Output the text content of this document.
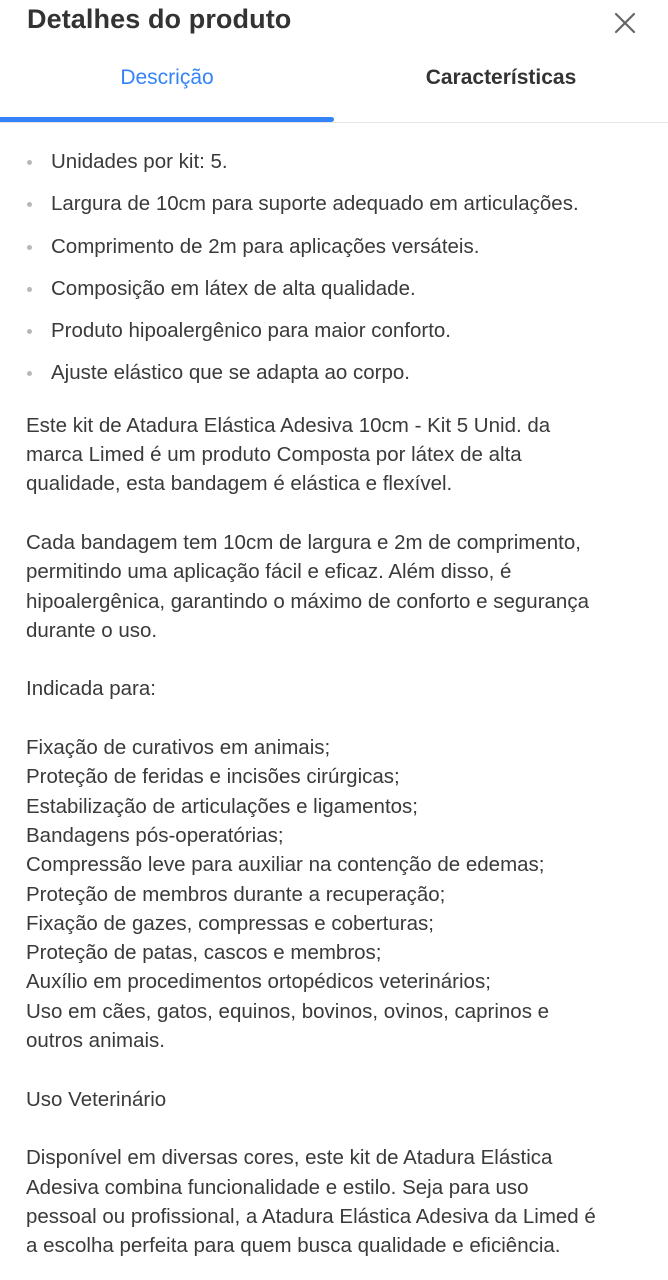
Detalhes do produto
Descrição	Características
Unidades por kit: 5.
Largura de 10cm para suporte adequado em articulações.
Comprimento de 2m para aplicações versáteis.
Composição em látex de alta qualidade.
Produto hipoalergênico para maior conforto.
Ajuste elástico que se adapta ao corpo.

Este kit de Atadura Elástica Adesiva 10cm - Kit 5 Unid. da
marca Limed é um produto Composta por látex de alta
qualidade, esta bandagem é elástica e flexível.

Cada bandagem tem 10cm de largura e 2m de comprimento,
permitindo uma aplicação fácil e eficaz. Além disso, é
hipoalergênica, garantindo o máximo de conforto e segurança
durante o uso.

Indicada para:

Fixação de curativos em animais;
Proteção de feridas e incisões cirúrgicas;
Estabilização de articulações e ligamentos;
Bandagens pós-operatórias;
Compressão leve para auxiliar na contenção de edemas;
Proteção de membros durante a recuperação;
Fixação de gazes, compressas e coberturas;
Proteção de patas, cascos e membros;
Auxílio em procedimentos ortopédicos veterinários;
Uso em cães, gatos, equinos, bovinos, ovinos, caprinos e
outros animais.

Uso Veterinário

Disponível em diversas cores, este kit de Atadura Elástica
Adesiva combina funcionalidade e estilo. Seja para uso
pessoal ou profissional, a Atadura Elástica Adesiva da Limed é
a escolha perfeita para quem busca qualidade e eficiência.
